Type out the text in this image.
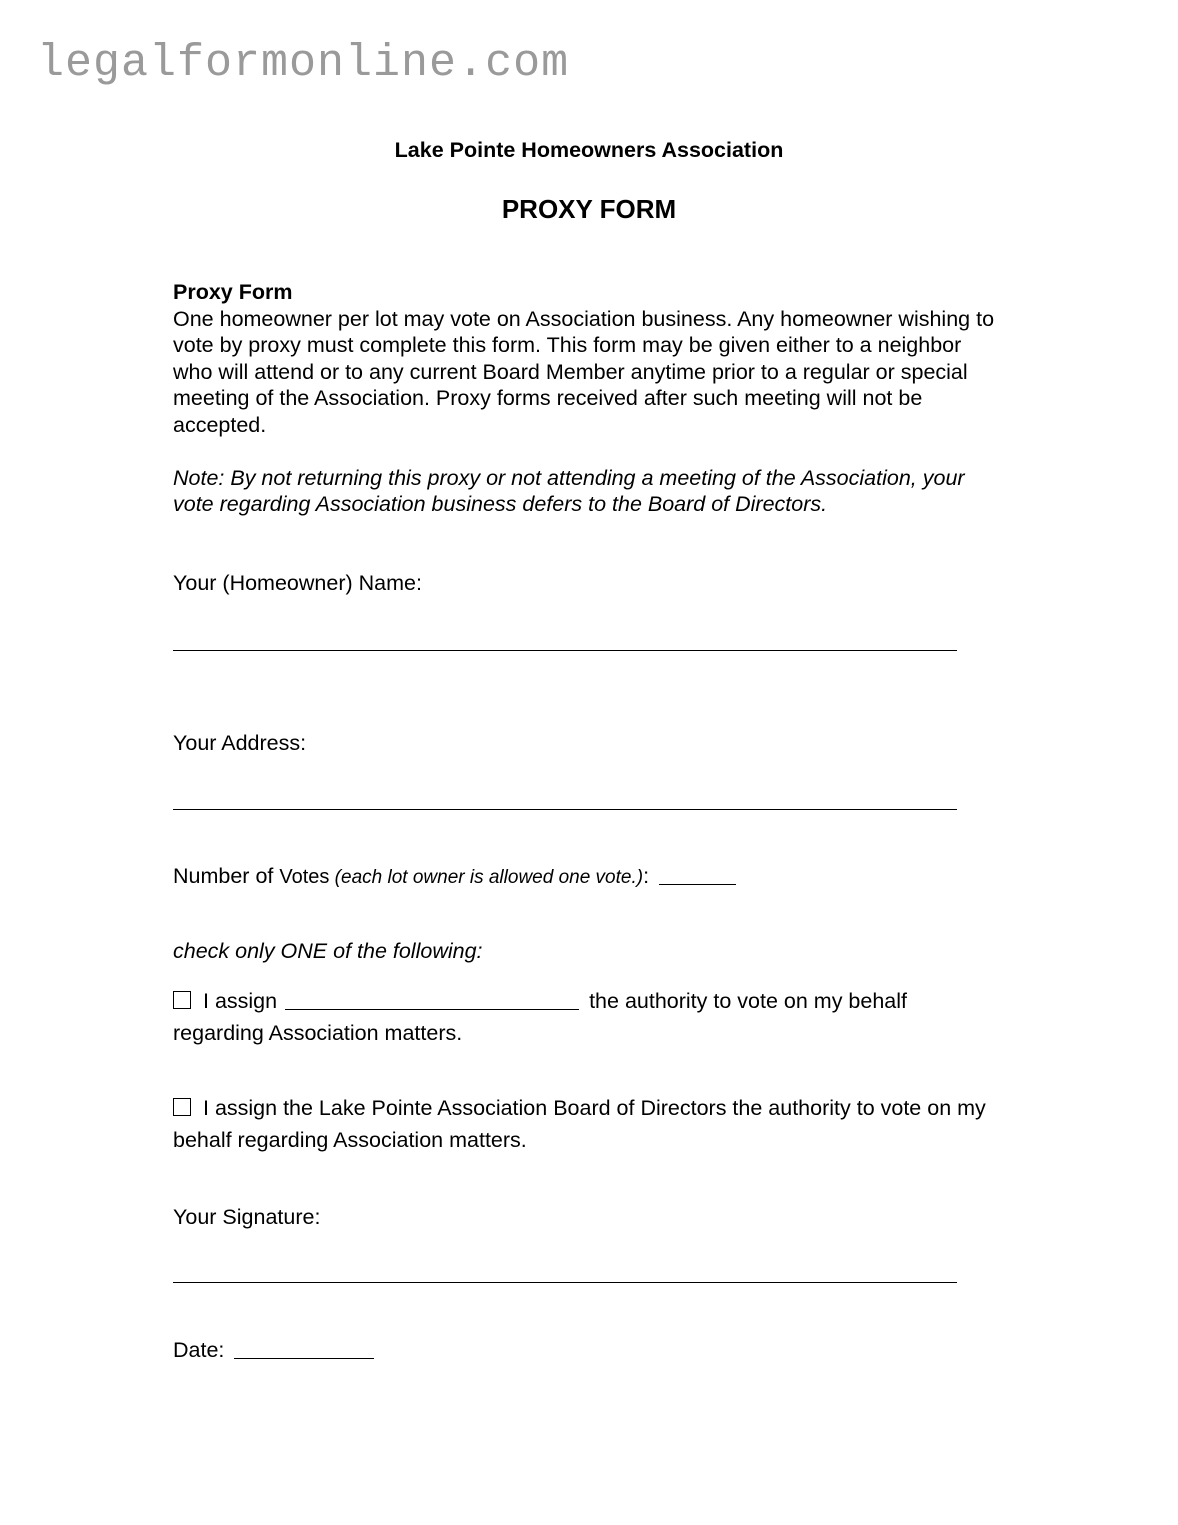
legalformonline.com
Lake Pointe Homeowners Association
PROXY FORM
Proxy Form
One homeowner per lot may vote on Association business. Any homeowner wishing to vote by proxy must complete this form. This form may be given either to a neighbor who will attend or to any current Board Member anytime prior to a regular or special meeting of the Association. Proxy forms received after such meeting will not be accepted.
Note: By not returning this proxy or not attending a meeting of the Association, your vote regarding Association business defers to the Board of Directors.
Your (Homeowner) Name:
Your Address:
Number of Votes (each lot owner is allowed one vote.):
check only ONE of the following:
I assign	the authority to vote on my behalf regarding Association matters.
I assign the Lake Pointe Association Board of Directors the authority to vote on my behalf regarding Association matters.
Your Signature:
Date:
